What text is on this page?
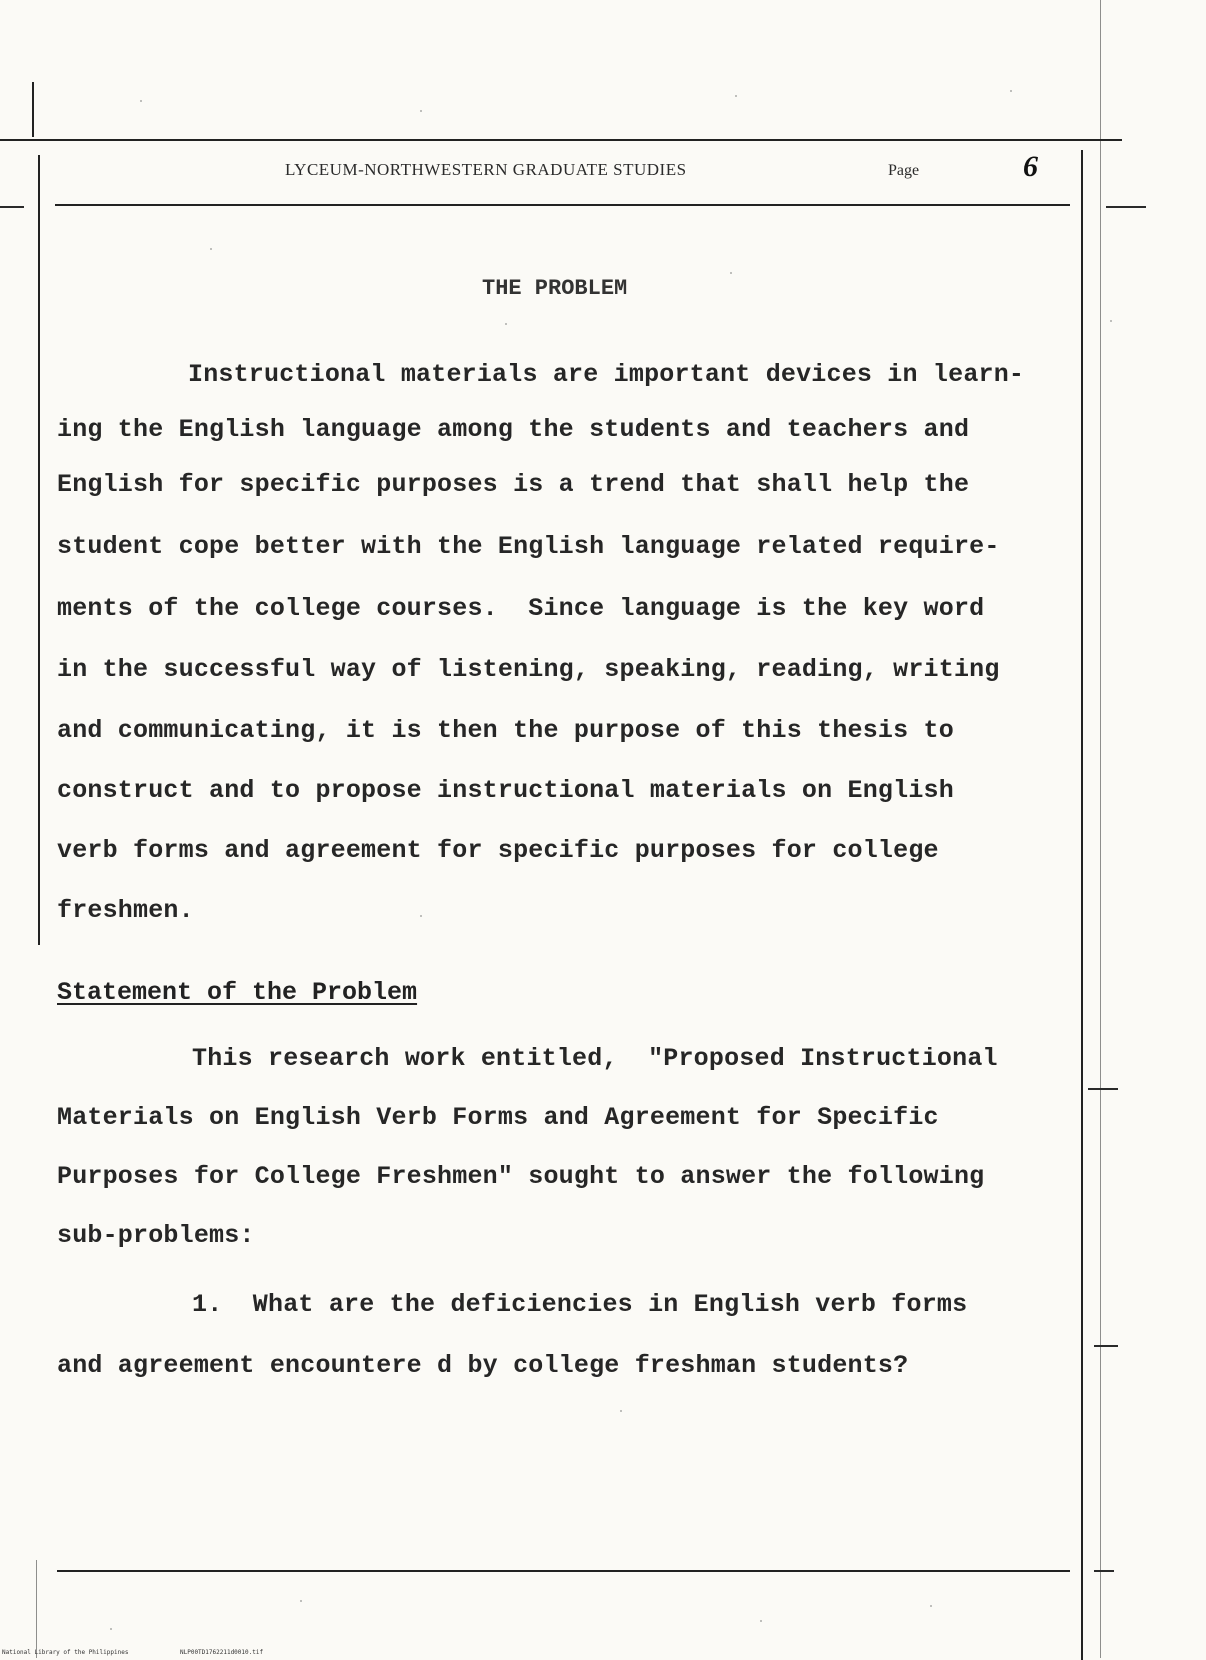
LYCEUM-NORTHWESTERN GRADUATE STUDIES	Page	6
THE PROBLEM
Instructional materials are important devices in learn-
ing the English language among the students and teachers and
English for specific purposes is a trend that shall help the
student cope better with the English language related require-
ments of the college courses.  Since language is the key word
in the successful way of listening, speaking, reading, writing
and communicating, it is then the purpose of this thesis to
construct and to propose instructional materials on English
verb forms and agreement for specific purposes for college
freshmen.
Statement of the Problem
This research work entitled,  "Proposed Instructional
Materials on English Verb Forms and Agreement for Specific
Purposes for College Freshmen" sought to answer the following
sub-problems:
1.  What are the deficiencies in English verb forms
and agreement encountere d by college freshman students?
National Library of the Philippines	NLP00TD1762211d0010.tif
